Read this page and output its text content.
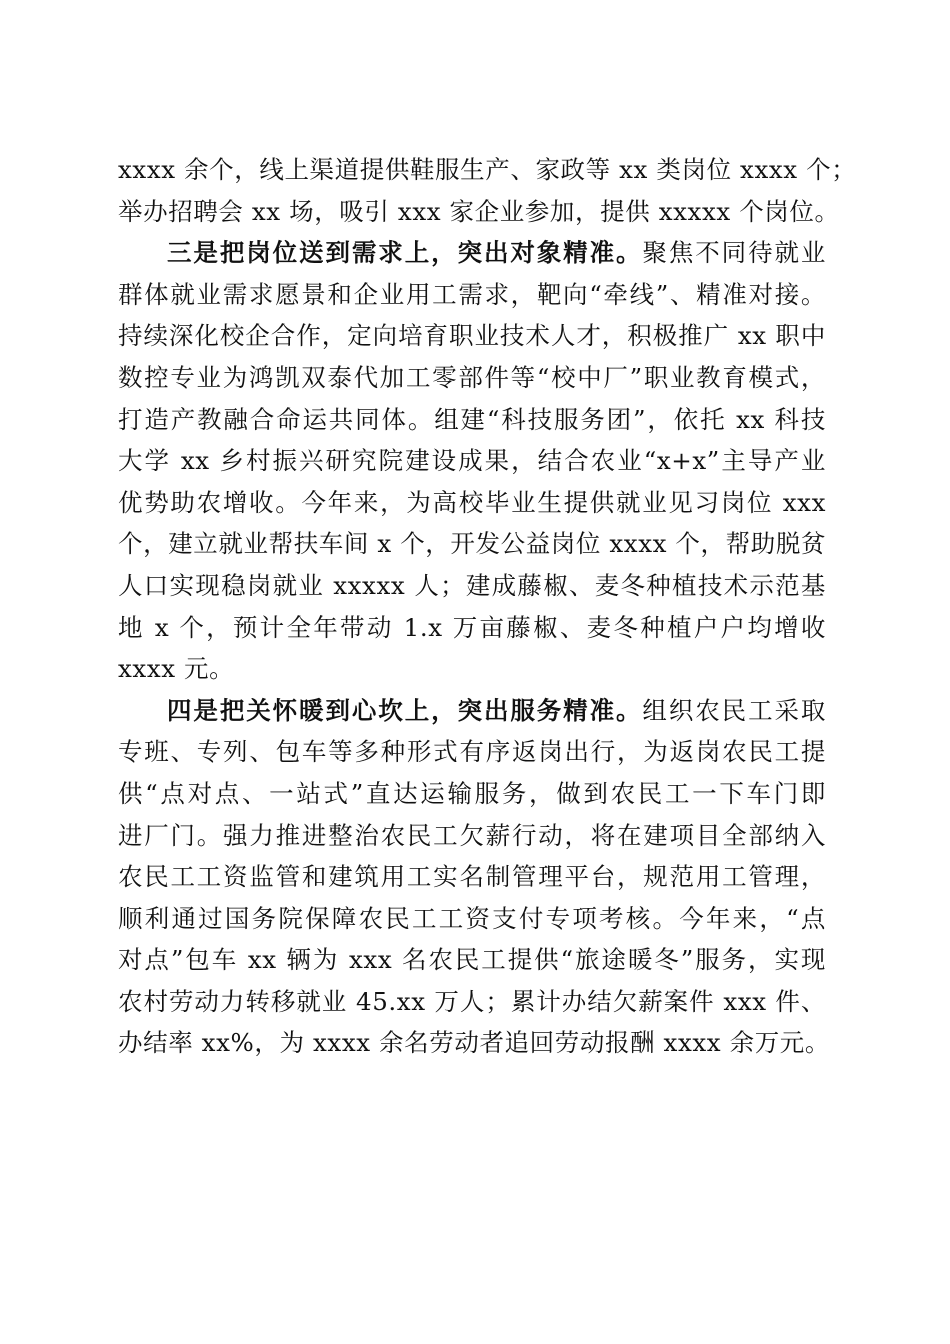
xxxx 余个，线上渠道提供鞋服生产、家政等 xx 类岗位 xxxx 个；
举办招聘会 xx 场，吸引 xxx 家企业参加，提供 xxxxx 个岗位。

三是把岗位送到需求上，突出对象精准。聚焦不同待就业
群体就业需求愿景和企业用工需求，靶向“牵线”、精准对接。
持续深化校企合作，定向培育职业技术人才，积极推广 xx 职中
数控专业为鸿凯双泰代加工零部件等“校中厂”职业教育模式，
打造产教融合命运共同体。组建“科技服务团”，依托 xx 科技
大学 xx 乡村振兴研究院建设成果，结合农业“x+x”主导产业
优势助农增收。今年来，为高校毕业生提供就业见习岗位 xxx
个，建立就业帮扶车间 x 个，开发公益岗位 xxxx 个，帮助脱贫
人口实现稳岗就业 xxxxx 人；建成藤椒、麦冬种植技术示范基
地 x 个，预计全年带动 1.x 万亩藤椒、麦冬种植户户均增收
xxxx 元。

四是把关怀暖到心坎上，突出服务精准。组织农民工采取
专班、专列、包车等多种形式有序返岗出行，为返岗农民工提
供“点对点、一站式”直达运输服务，做到农民工一下车门即
进厂门。强力推进整治农民工欠薪行动，将在建项目全部纳入
农民工工资监管和建筑用工实名制管理平台，规范用工管理，
顺利通过国务院保障农民工工资支付专项考核。今年来，“点
对点”包车 xx 辆为 xxx 名农民工提供“旅途暖冬”服务，实现
农村劳动力转移就业 45.xx 万人；累计办结欠薪案件 xxx 件、
办结率 xx%，为 xxxx 余名劳动者追回劳动报酬 xxxx 余万元。
